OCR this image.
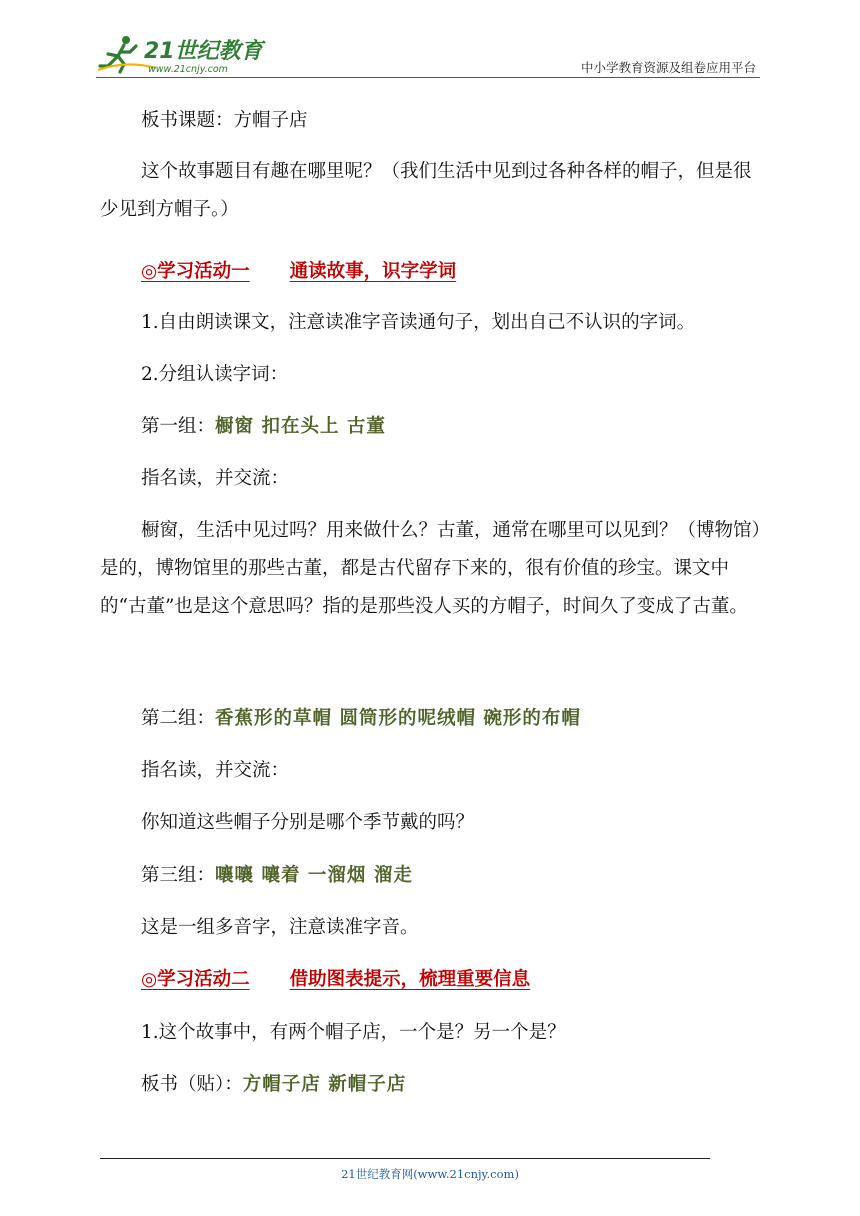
21世纪教育
www.21cnjy.com	中小学教育资源及组卷应用平台

板书课题：方帽子店

这个故事题目有趣在哪里呢？（我们生活中见到过各种各样的帽子，但是很少见到方帽子。）

◎学习活动一 通读故事，识字学词

1.自由朗读课文，注意读准字音读通句子，划出自己不认识的字词。

2.分组认读字词：

第一组：橱窗 扣在头上 古董

指名读，并交流：

橱窗，生活中见过吗？用来做什么？古董，通常在哪里可以见到？（博物馆）是的，博物馆里的那些古董，都是古代留存下来的，很有价值的珍宝。课文中的“古董”也是这个意思吗？指的是那些没人买的方帽子，时间久了变成了古董。

第二组：香蕉形的草帽 圆筒形的呢绒帽 碗形的布帽

指名读，并交流：

你知道这些帽子分别是哪个季节戴的吗？

第三组：嚷嚷 嚷着 一溜烟 溜走

这是一组多音字，注意读准字音。

◎学习活动二 借助图表提示，梳理重要信息

1.这个故事中，有两个帽子店，一个是？另一个是？

板书（贴）：方帽子店 新帽子店

21世纪教育网(www.21cnjy.com)
